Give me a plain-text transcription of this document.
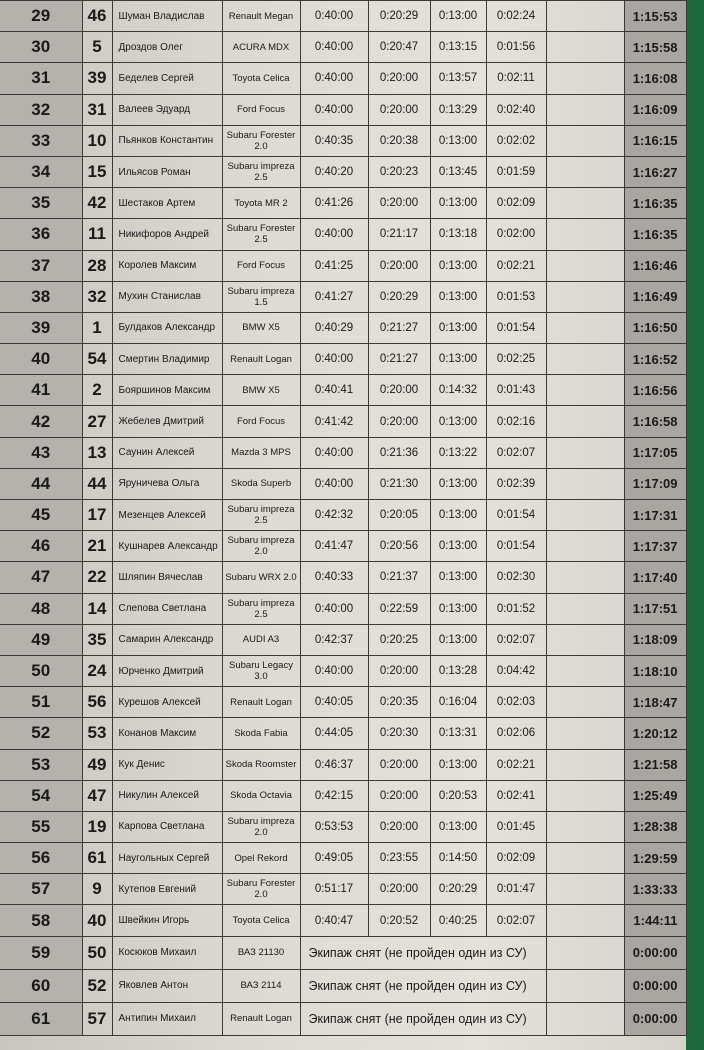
29	46	Шуман Владислав	Renault Megan	0:40:00	0:20:29	0:13:00	0:02:24		1:15:53
30	5	Дроздов Олег	ACURA MDX	0:40:00	0:20:47	0:13:15	0:01:56		1:15:58
31	39	Беделев Сергей	Toyota Celica	0:40:00	0:20:00	0:13:57	0:02:11		1:16:08
32	31	Валеев Эдуард	Ford Focus	0:40:00	0:20:00	0:13:29	0:02:40		1:16:09
33	10	Пьянков Константин	Subaru Forester 2.0	0:40:35	0:20:38	0:13:00	0:02:02		1:16:15
34	15	Ильясов Роман	Subaru impreza 2.5	0:40:20	0:20:23	0:13:45	0:01:59		1:16:27
35	42	Шестаков Артем	Toyota MR 2	0:41:26	0:20:00	0:13:00	0:02:09		1:16:35
36	11	Никифоров Андрей	Subaru Forester 2.5	0:40:00	0:21:17	0:13:18	0:02:00		1:16:35
37	28	Королев Максим	Ford Focus	0:41:25	0:20:00	0:13:00	0:02:21		1:16:46
38	32	Мухин Станислав	Subaru impreza 1.5	0:41:27	0:20:29	0:13:00	0:01:53		1:16:49
39	1	Булдаков Александр	BMW X5	0:40:29	0:21:27	0:13:00	0:01:54		1:16:50
40	54	Смертин Владимир	Renault Logan	0:40:00	0:21:27	0:13:00	0:02:25		1:16:52
41	2	Бояршинов Максим	BMW X5	0:40:41	0:20:00	0:14:32	0:01:43		1:16:56
42	27	Жебелев Дмитрий	Ford Focus	0:41:42	0:20:00	0:13:00	0:02:16		1:16:58
43	13	Саунин Алексей	Mazda 3 MPS	0:40:00	0:21:36	0:13:22	0:02:07		1:17:05
44	44	Яруничева Ольга	Skoda Superb	0:40:00	0:21:30	0:13:00	0:02:39		1:17:09
45	17	Мезенцев Алексей	Subaru impreza 2.5	0:42:32	0:20:05	0:13:00	0:01:54		1:17:31
46	21	Кушнарев Александр	Subaru impreza 2.0	0:41:47	0:20:56	0:13:00	0:01:54		1:17:37
47	22	Шляпин Вячеслав	Subaru WRX 2.0	0:40:33	0:21:37	0:13:00	0:02:30		1:17:40
48	14	Слепова Светлана	Subaru impreza 2.5	0:40:00	0:22:59	0:13:00	0:01:52		1:17:51
49	35	Самарин Александр	AUDI A3	0:42:37	0:20:25	0:13:00	0:02:07		1:18:09
50	24	Юрченко Дмитрий	Subaru Legacy 3.0	0:40:00	0:20:00	0:13:28	0:04:42		1:18:10
51	56	Курешов Алексей	Renault Logan	0:40:05	0:20:35	0:16:04	0:02:03		1:18:47
52	53	Конанов Максим	Skoda Fabia	0:44:05	0:20:30	0:13:31	0:02:06		1:20:12
53	49	Кук Денис	Skoda Roomster	0:46:37	0:20:00	0:13:00	0:02:21		1:21:58
54	47	Никулин Алексей	Skoda Octavia	0:42:15	0:20:00	0:20:53	0:02:41		1:25:49
55	19	Карпова Светлана	Subaru impreza 2.0	0:53:53	0:20:00	0:13:00	0:01:45		1:28:38
56	61	Наугольных Сергей	Opel Rekord	0:49:05	0:23:55	0:14:50	0:02:09		1:29:59
57	9	Кутепов Евгений	Subaru Forester 2.0	0:51:17	0:20:00	0:20:29	0:01:47		1:33:33
58	40	Швейкин Игорь	Toyota Celica	0:40:47	0:20:52	0:40:25	0:02:07		1:44:11
59	50	Косюков Михаил	ВАЗ 21130	Экипаж снят (не пройден один из СУ)					0:00:00
60	52	Яковлев Антон	ВАЗ 2114	Экипаж снят (не пройден один из СУ)					0:00:00
61	57	Антипин Михаил	Renault Logan	Экипаж снят (не пройден один из СУ)					0:00:00
